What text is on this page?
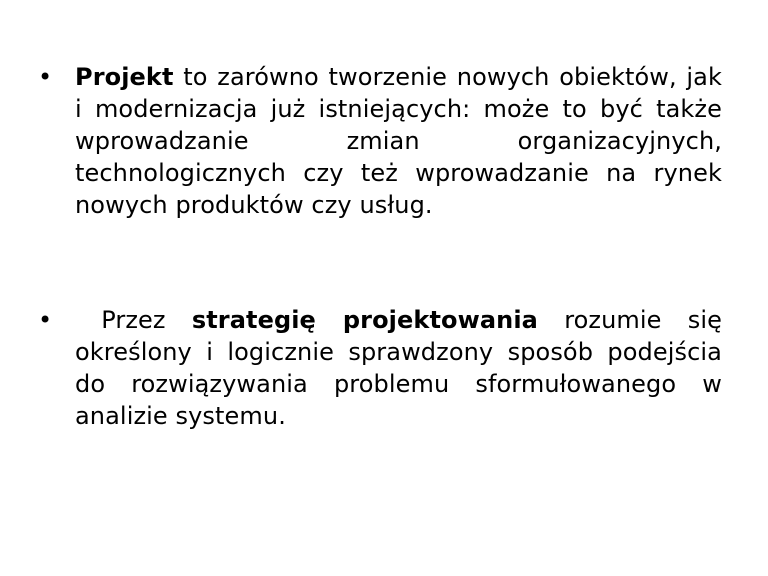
• Projekt to zarówno tworzenie nowych obiektów, jak i modernizacja już istniejących: może to być także wprowadzanie zmian organizacyjnych, technologicznych czy też wprowadzanie na rynek nowych produktów czy usług.
• Przez strategię projektowania rozumie się określony i logicznie sprawdzony sposób podejścia do rozwiązywania problemu sformułowanego w analizie systemu.
